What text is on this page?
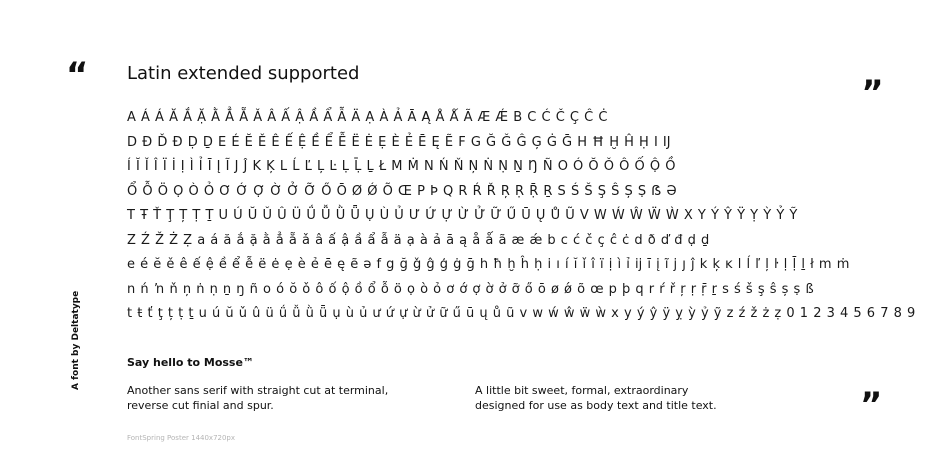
“	„
”
Latin extended supported
A Á Á Ă Ắ Ặ Ằ Ẳ Ẵ Ǎ Â Ấ Ậ Ầ Ẩ Ẫ Ä Ạ À Ả Ā Ą Å Ǻ Ã Æ Ǽ B C Ć Č Ç Ĉ Ċ
D Ð Ď Đ Ḍ Ḏ E É Ĕ Ě Ê Ế Ệ Ề Ể Ễ Ë Ė Ẹ È Ẻ Ē Ę Ẽ F G Ğ Ǧ Ĝ Ģ Ġ Ḡ H Ħ Ḫ Ĥ Ḥ I Ĳ
Í Ĭ Ǐ Î Ï İ Ị Ì Ỉ Ī Į Ĩ J Ĵ K Ķ L Ĺ Ľ Ļ Ŀ Ḷ Ḹ Ḻ Ł M Ṁ N Ń Ň Ņ Ṅ Ṇ Ṉ Ŋ Ñ O Ó Ŏ Ǒ Ô Ố Ộ Ồ
Ổ Ỗ Ö Ọ Ò Ỏ Ơ Ớ Ợ Ờ Ở Ỡ Ő Ō Ø Ǿ Õ Œ P Þ Q R Ŕ Ř Ŗ Ṛ Ṝ Ṟ S Ś Š Ş Ŝ Ș Ṣ ẞ Ə
T Ŧ Ť Ţ Ț Ṭ Ṯ U Ú Ŭ Ǔ Û Ü Ǘ Ǚ Ǜ Ǖ Ụ Ù Ủ Ư Ứ Ự Ừ Ử Ữ Ű Ū Ų Ů Ũ V W Ẃ Ŵ Ẅ Ẁ X Y Ý Ŷ Ÿ Ỵ Ỳ Ỷ Ỹ
Z Ź Ž Ż Ẓ a á ă ắ ặ ằ ẳ ẵ ǎ â ấ ậ ầ ẩ ẫ ä ạ à ả ā ą å ǻ ã æ ǽ b c ć č ç ĉ ċ d ð ď đ ḍ ḏ
e é ĕ ě ê ế ệ ề ể ễ ë ė ẹ è ẻ ē ę ẽ ə f g ğ ǧ ĝ ģ ġ ḡ h ħ ḫ ĥ ḥ i ı í ĭ ǐ î ï ị ì ỉ ĳ ī į ĩ j ȷ ĵ k ķ ĸ l ĺ ľ ļ ŀ ḷ ḹ ḻ ł m ṁ
n ń ŉ ň ņ ṅ ṇ ṉ ŋ ñ o ó ŏ ǒ ô ố ộ ồ ổ ỗ ö ọ ò ỏ ơ ớ ợ ờ ở ỡ ő ō ø ǿ õ œ p þ q r ŕ ř ŗ ṛ ṝ ṟ s ś š ş ŝ ș ṣ ß
t ŧ ť ţ ț ṭ ṯ u ú ŭ ǔ û ü ǘ ǚ ǜ ǖ ụ ù ủ ư ứ ự ừ ử ữ ű ū ų ů ũ v w ẃ ŵ ẅ ẁ x y ý ŷ ÿ ỵ ỳ ỷ ỹ z ź ž ż ẓ 0 1 2 3 4 5 6 7 8 9
A font by Deltatype	Say hello to Mosse™
Another sans serif with straight cut at terminal,
reverse cut finial and spur.
A little bit sweet, formal, extraordinary
designed for use as body text and title text.
FontSpring Poster 1440x720px
